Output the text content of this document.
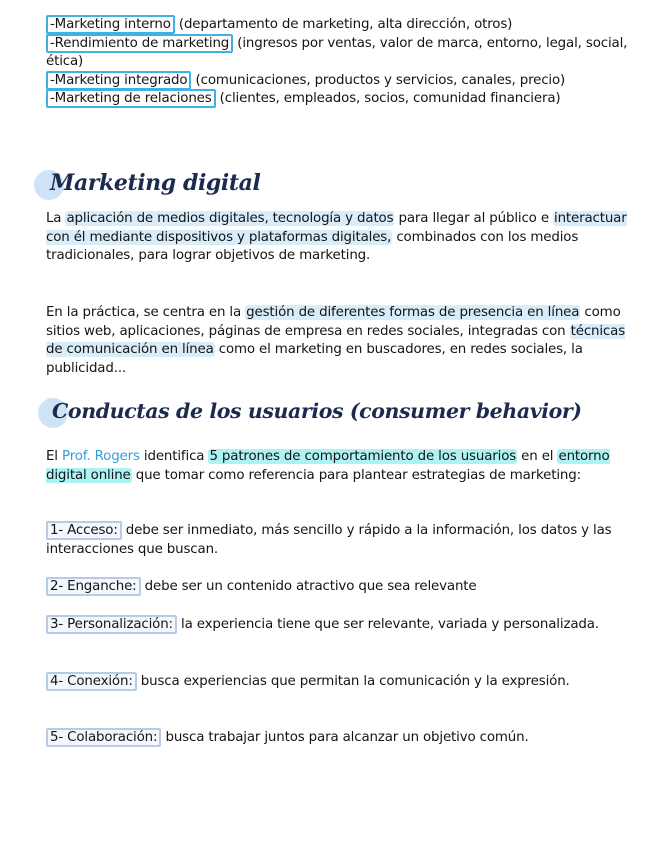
-Marketing interno (departamento de marketing, alta dirección, otros)
-Rendimiento de marketing (ingresos por ventas, valor de marca, entorno, legal, social, ética)
-Marketing integrado (comunicaciones, productos y servicios, canales, precio)
-Marketing de relaciones (clientes, empleados, socios, comunidad financiera)
Marketing digital
La aplicación de medios digitales, tecnología y datos para llegar al público e interactuar con él mediante dispositivos y plataformas digitales, combinados con los medios tradicionales, para lograr objetivos de marketing.
En la práctica, se centra en la gestión de diferentes formas de presencia en línea como sitios web, aplicaciones, páginas de empresa en redes sociales, integradas con técnicas de comunicación en línea como el marketing en buscadores, en redes sociales, la publicidad...
Conductas de los usuarios (consumer behavior)
El Prof. Rogers identifica 5 patrones de comportamiento de los usuarios en el entorno digital online que tomar como referencia para plantear estrategias de marketing:
1- Acceso: debe ser inmediato, más sencillo y rápido a la información, los datos y las interacciones que buscan.
2- Enganche: debe ser un contenido atractivo que sea relevante
3- Personalización: la experiencia tiene que ser relevante, variada y personalizada.
4- Conexión: busca experiencias que permitan la comunicación y la expresión.
5- Colaboración: busca trabajar juntos para alcanzar un objetivo común.
